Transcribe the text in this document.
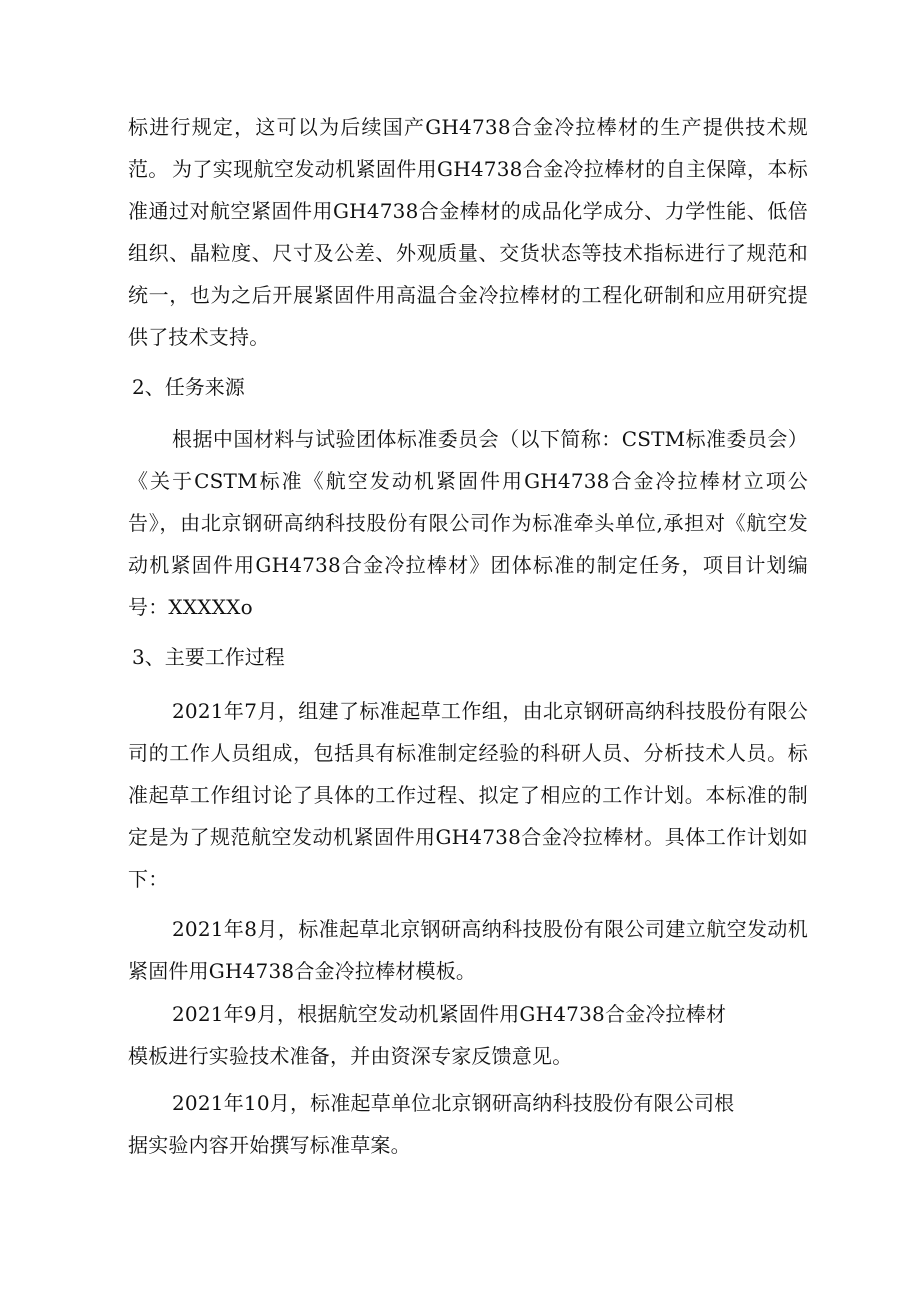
标进行规定，这可以为后续国产GH4738合金冷拉棒材的生产提供技术规范。 为了实现航空发动机紧固件用GH4738合金冷拉棒材的自主保障，本标准通过对航空紧固件用GH4738合金棒材的成品化学成分、力学性能、低倍组织、晶粒度、尺寸及公差、外观质量、交货状态等技术指标进行了规范和统一，也为之后开展紧固件用高温合金冷拉棒材的工程化研制和应用研究提供了技术支持。

2、任务来源

根据中国材料与试验团体标准委员会（以下简称：CSTM标准委员会）《关于CSTM标准《航空发动机紧固件用GH4738合金冷拉棒材立项公告》，由北京钢研高纳科技股份有限公司作为标准牵头单位,承担对《航空发动机紧固件用GH4738合金冷拉棒材》团体标准的制定任务，项目计划编号：XXXXXo

3、主要工作过程

2021年7月，组建了标准起草工作组，由北京钢研高纳科技股份有限公司的工作人员组成，包括具有标准制定经验的科研人员、分析技术人员。标准起草工作组讨论了具体的工作过程、拟定了相应的工作计划。本标准的制定是为了规范航空发动机紧固件用GH4738合金冷拉棒材。具体工作计划如下：

2021年8月，标准起草北京钢研高纳科技股份有限公司建立航空发动机紧固件用GH4738合金冷拉棒材模板。

2021年9月，根据航空发动机紧固件用GH4738合金冷拉棒材

模板进行实验技术准备，并由资深专家反馈意见。

2021年10月，标准起草单位北京钢研高纳科技股份有限公司根

据实验内容开始撰写标准草案。
